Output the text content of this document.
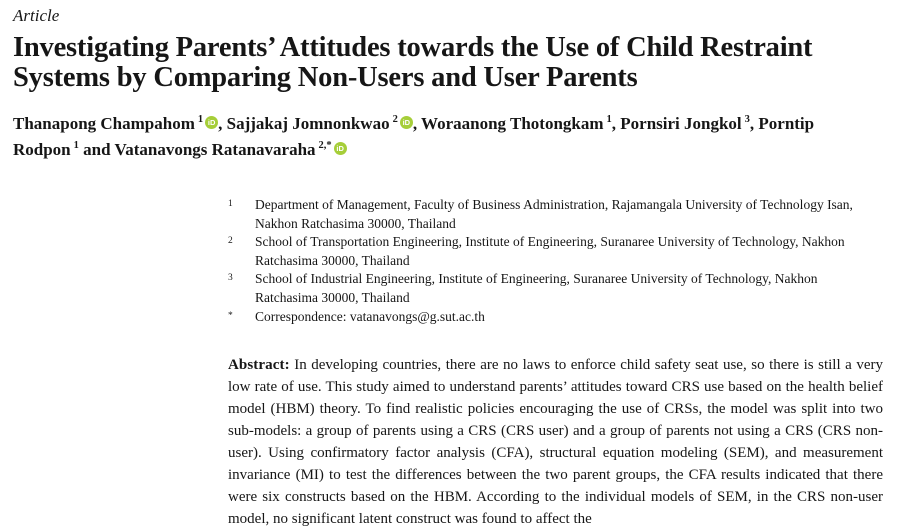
Article
Investigating Parents’ Attitudes towards the Use of Child Restraint Systems by Comparing Non-Users and User Parents
Thanapong Champahom $^1$ iD , Sajjakaj Jomnonkwao $^2$ iD , Woraanong Thotongkam $^1$, Pornsiri Jongkol $^3$, Porntip Rodpon $^1$ and Vatanavongs Ratanavaraha $^{2,*}$ iD
1	Department of Management, Faculty of Business Administration, Rajamangala University of Technology Isan, Nakhon Ratchasima 30000, Thailand
2	School of Transportation Engineering, Institute of Engineering, Suranaree University of Technology, Nakhon Ratchasima 30000, Thailand
3	School of Industrial Engineering, Institute of Engineering, Suranaree University of Technology, Nakhon Ratchasima 30000, Thailand
*	Correspondence: vatanavongs@g.sut.ac.th

Abstract: In developing countries, there are no laws to enforce child safety seat use, so there is still a very low rate of use. This study aimed to understand parents’ attitudes toward CRS use based on the health belief model (HBM) theory. To find realistic policies encouraging the use of CRSs, the model was split into two sub-models: a group of parents using a CRS (CRS user) and a group of parents not using a CRS (CRS non-user). Using confirmatory factor analysis (CFA), structural equation modeling (SEM), and measurement invariance (MI) to test the differences between the two parent groups, the CFA results indicated that there were six constructs based on the HBM. According to the individual models of SEM, in the CRS non-user model, no significant latent construct was found to affect the
